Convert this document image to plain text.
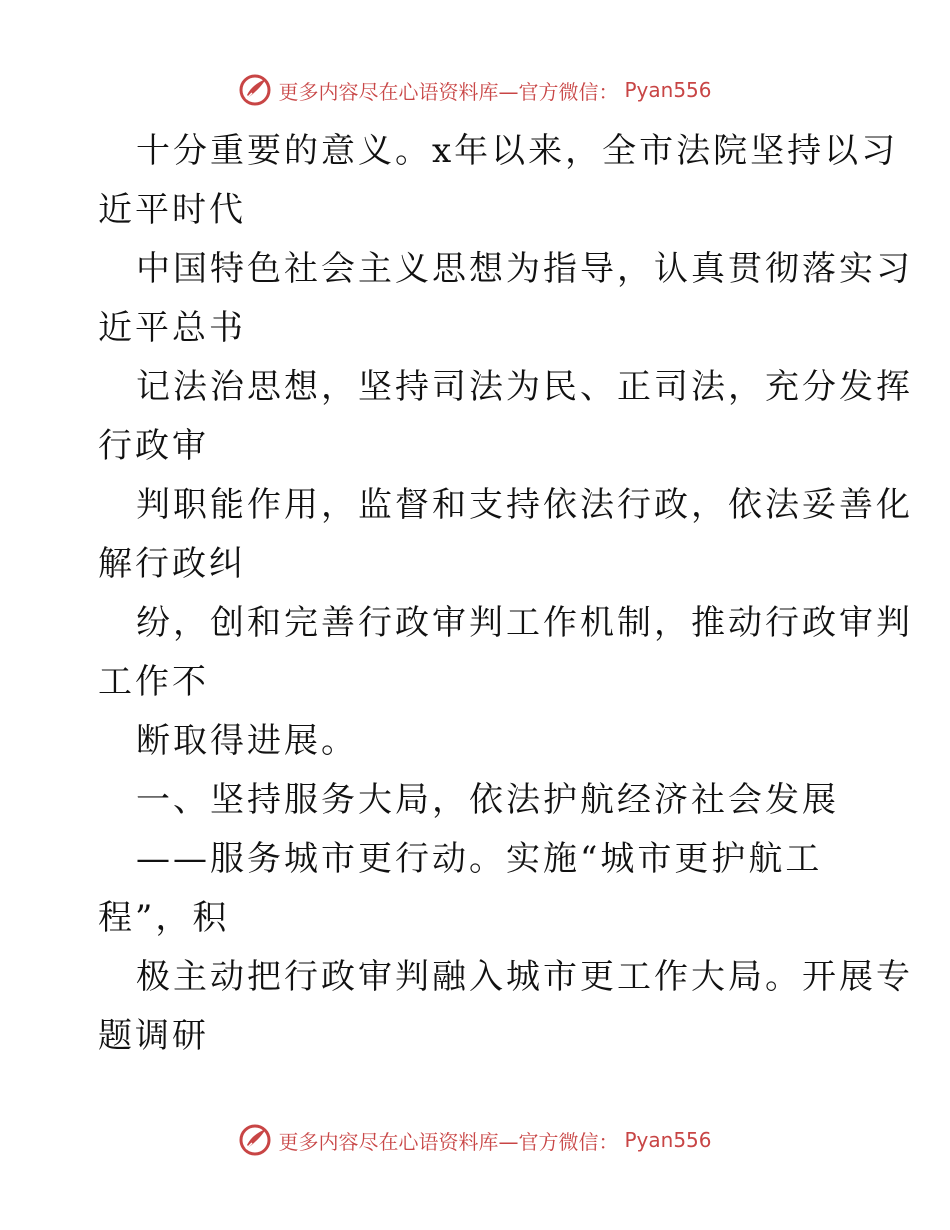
更多内容尽在心语资料库—官方微信： Pyan556
十分重要的意义。x年以来，全市法院坚持以习
近平时代
中国特色社会主义思想为指导，认真贯彻落实习
近平总书
记法治思想，坚持司法为民、正司法，充分发挥
行政审
判职能作用，监督和支持依法行政，依法妥善化
解行政纠
纷，创和完善行政审判工作机制，推动行政审判
工作不
断取得进展。
一、坚持服务大局，依法护航经济社会发展
——服务城市更行动。实施“城市更护航工
程”，积
极主动把行政审判融入城市更工作大局。开展专
题调研
更多内容尽在心语资料库—官方微信： Pyan556
